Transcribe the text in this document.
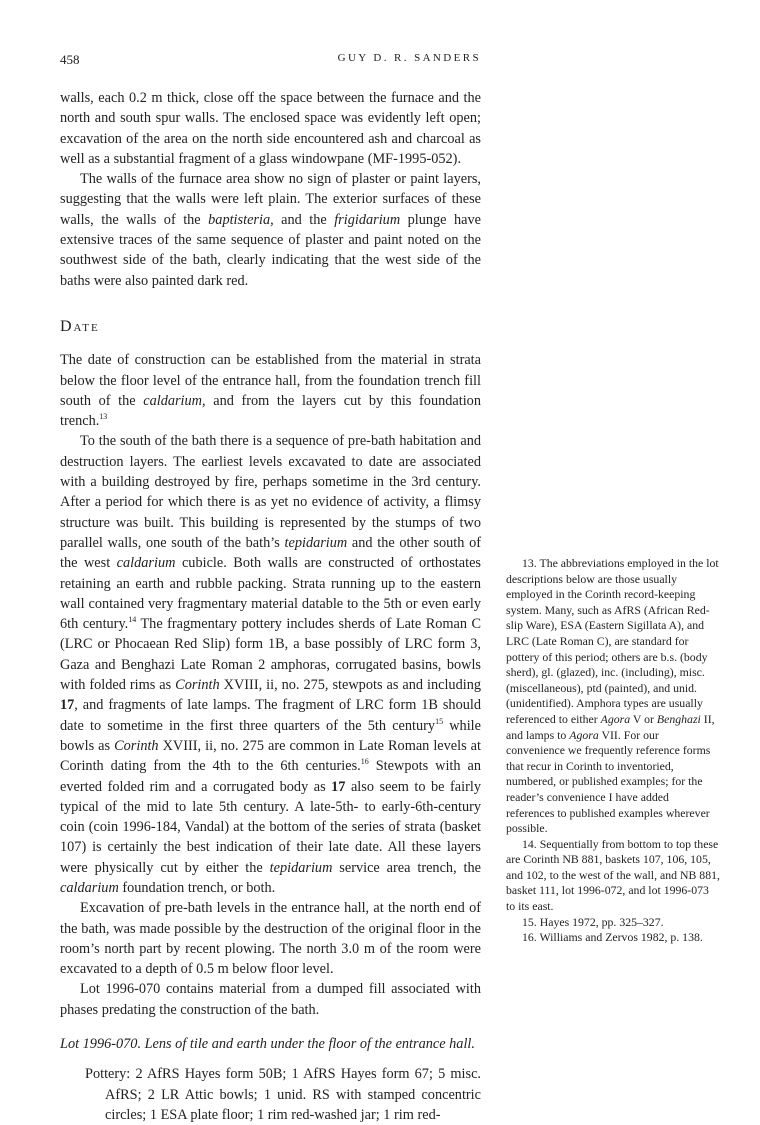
458	GUY D. R. SANDERS

walls, each 0.2 m thick, close off the space between the furnace and the north and south spur walls. The enclosed space was evidently left open; excavation of the area on the north side encountered ash and charcoal as well as a substantial fragment of a glass windowpane (MF-1995-052).

The walls of the furnace area show no sign of plaster or paint layers, suggesting that the walls were left plain. The exterior surfaces of these walls, the walls of the baptisteria, and the frigidarium plunge have extensive traces of the same sequence of plaster and paint noted on the southwest side of the bath, clearly indicating that the west side of the baths were also painted dark red.

Date

The date of construction can be established from the material in strata below the floor level of the entrance hall, from the foundation trench fill south of the caldarium, and from the layers cut by this foundation trench.$^{13}$

To the south of the bath there is a sequence of pre-bath habitation and destruction layers. The earliest levels excavated to date are associated with a building destroyed by fire, perhaps sometime in the 3rd century. After a period for which there is as yet no evidence of activity, a flimsy structure was built. This building is represented by the stumps of two parallel walls, one south of the bath’s tepidarium and the other south of the west caldarium cubicle. Both walls are constructed of orthostates retaining an earth and rubble packing. Strata running up to the eastern wall contained very fragmentary material datable to the 5th or even early 6th century.$^{14}$ The fragmentary pottery includes sherds of Late Roman C (LRC or Phocaean Red Slip) form 1B, a base possibly of LRC form 3, Gaza and Benghazi Late Roman 2 amphoras, corrugated basins, bowls with folded rims as Corinth XVIII, ii, no. 275, stewpots as and including 17, and fragments of late lamps. The fragment of LRC form 1B should date to sometime in the first three quarters of the 5th century$^{15}$ while bowls as Corinth XVIII, ii, no. 275 are common in Late Roman levels at Corinth dating from the 4th to the 6th centuries.$^{16}$ Stewpots with an everted folded rim and a corrugated body as 17 also seem to be fairly typical of the mid to late 5th century. A late-5th- to early-6th-century coin (coin 1996-184, Vandal) at the bottom of the series of strata (basket 107) is certainly the best indication of their late date. All these layers were physically cut by either the tepidarium service area trench, the caldarium foundation trench, or both.

Excavation of pre-bath levels in the entrance hall, at the north end of the bath, was made possible by the destruction of the original floor in the room’s north part by recent plowing. The north 3.0 m of the room were excavated to a depth of 0.5 m below floor level.

Lot 1996-070 contains material from a dumped fill associated with phases predating the construction of the bath.

Lot 1996-070. Lens of tile and earth under the floor of the entrance hall.

Pottery: 2 AfRS Hayes form 50B; 1 AfRS Hayes form 67; 5 misc. AfRS; 2 LR Attic bowls; 1 unid. RS with stamped concentric circles; 1 ESA plate floor; 1 rim red-washed jar; 1 rim red-

13. The abbreviations employed in the lot descriptions below are those usually employed in the Corinth record-keeping system. Many, such as AfRS (African Red-slip Ware), ESA (Eastern Sigillata A), and LRC (Late Roman C), are standard for pottery of this period; others are b.s. (body sherd), gl. (glazed), inc. (including), misc. (miscellaneous), ptd (painted), and unid. (unidentified). Amphora types are usually referenced to either Agora V or Benghazi II, and lamps to Agora VII. For our convenience we frequently reference forms that recur in Corinth to inventoried, numbered, or published examples; for the reader’s convenience I have added references to published examples wherever possible.

14. Sequentially from bottom to top these are Corinth NB 881, baskets 107, 106, 105, and 102, to the west of the wall, and NB 881, basket 111, lot 1996-072, and lot 1996-073 to its east.

15. Hayes 1972, pp. 325–327.

16. Williams and Zervos 1982, p. 138.
